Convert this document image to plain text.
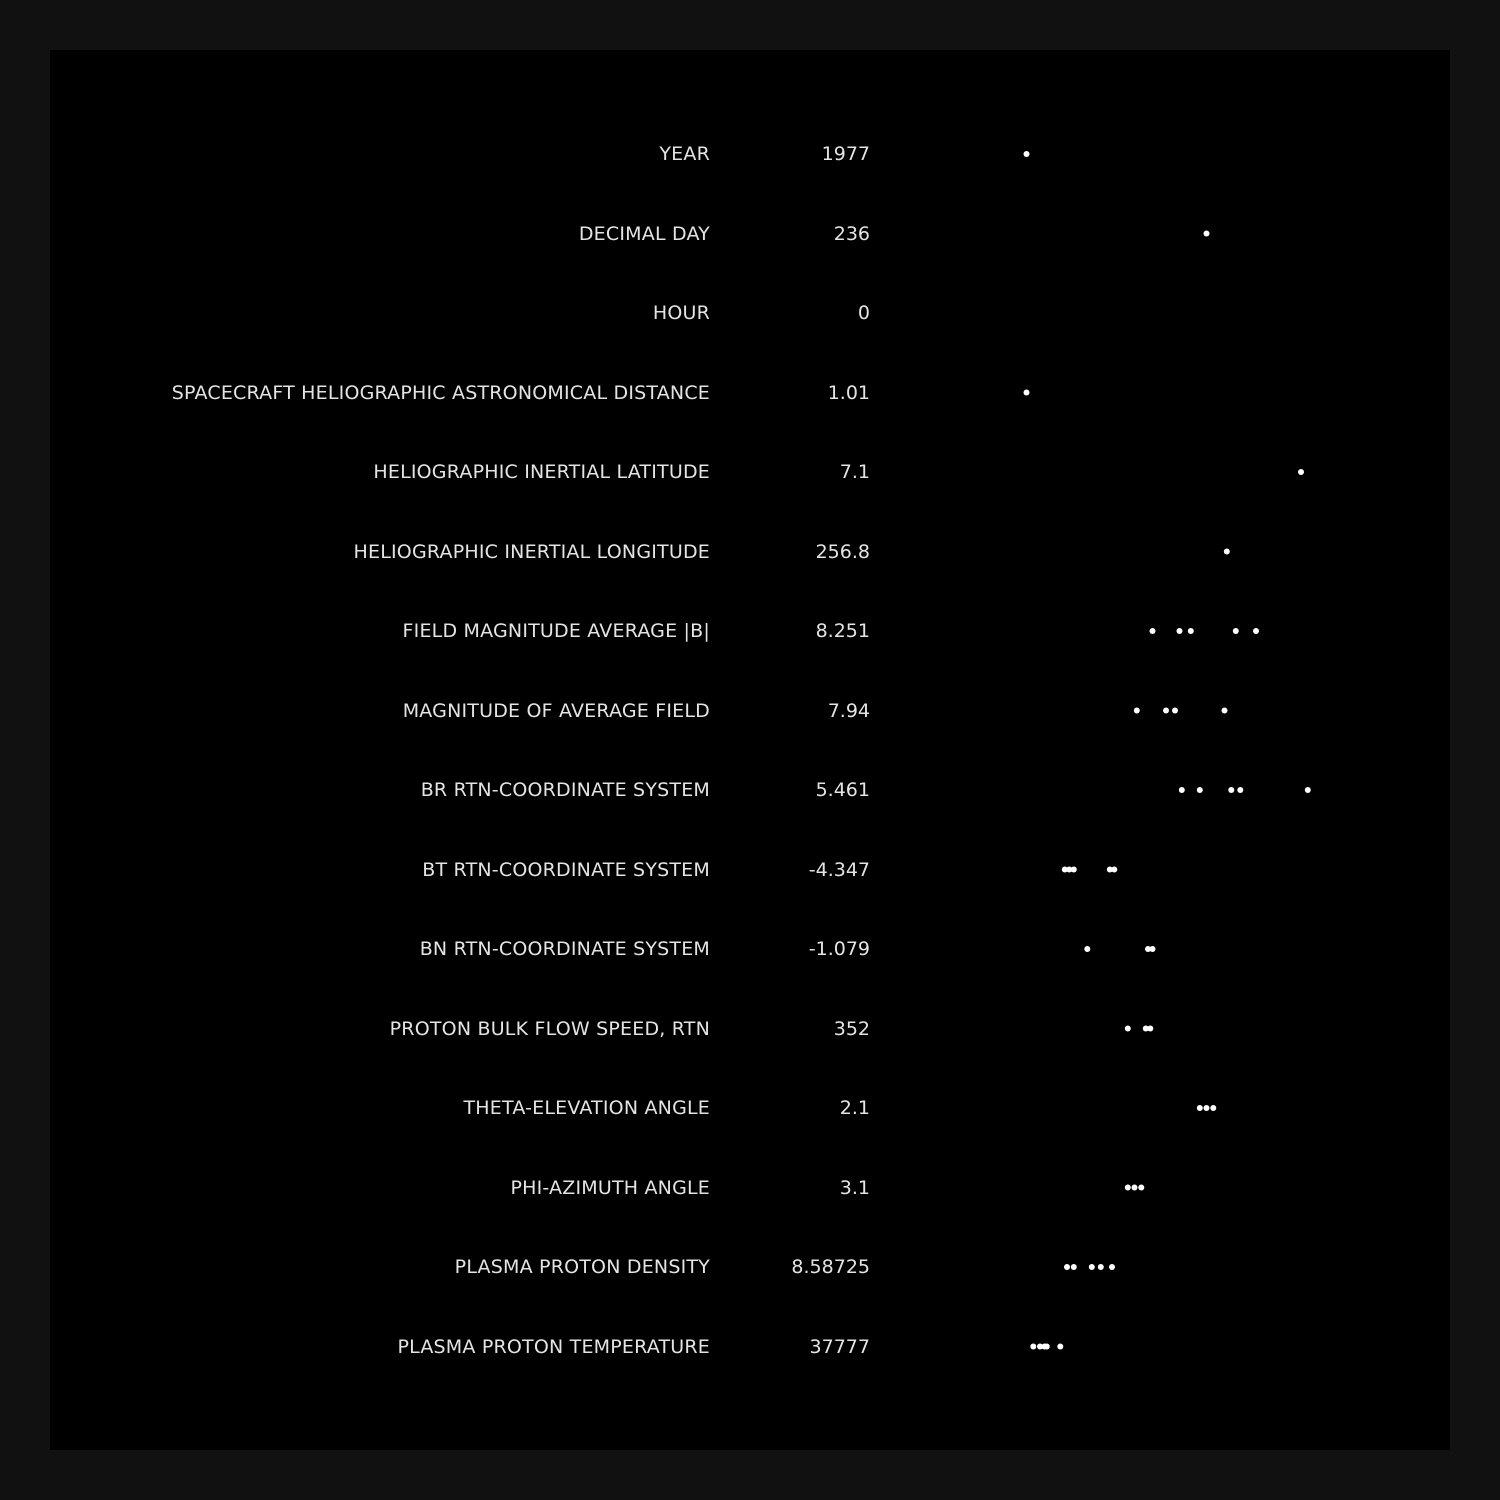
YEAR	1977
DECIMAL DAY	236
HOUR	0
SPACECRAFT HELIOGRAPHIC ASTRONOMICAL DISTANCE	1.01
HELIOGRAPHIC INERTIAL LATITUDE	7.1
HELIOGRAPHIC INERTIAL LONGITUDE	256.8
FIELD MAGNITUDE AVERAGE |B|	8.251
MAGNITUDE OF AVERAGE FIELD	7.94
BR RTN-COORDINATE SYSTEM	5.461
BT RTN-COORDINATE SYSTEM	-4.347
BN RTN-COORDINATE SYSTEM	-1.079
PROTON BULK FLOW SPEED, RTN	352
THETA-ELEVATION ANGLE	2.1
PHI-AZIMUTH ANGLE	3.1
PLASMA PROTON DENSITY	8.58725
PLASMA PROTON TEMPERATURE	37777
